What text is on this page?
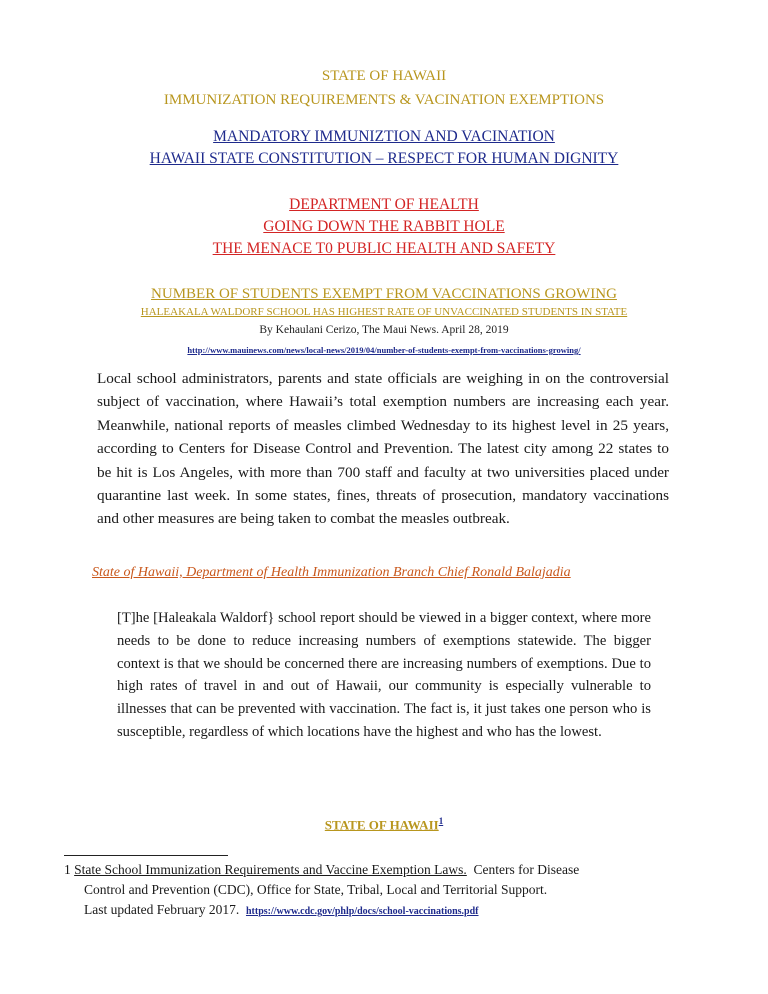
STATE OF HAWAII
IMMUNIZATION REQUIREMENTS & VACINATION EXEMPTIONS
MANDATORY IMMUNIZTION AND VACINATION
HAWAII STATE CONSTITUTION – RESPECT FOR HUMAN DIGNITY
DEPARTMENT OF HEALTH
GOING DOWN THE RABBIT HOLE
THE MENACE T0 PUBLIC HEALTH AND SAFETY
NUMBER OF STUDENTS EXEMPT FROM VACCINATIONS GROWING
HALEAKALA WALDORF SCHOOL HAS HIGHEST RATE OF UNVACCINATED STUDENTS IN STATE
By Kehaulani Cerizo, The Maui News. April 28, 2019
http://www.mauinews.com/news/local-news/2019/04/number-of-students-exempt-from-vaccinations-growing/
Local school administrators, parents and state officials are weighing in on the controversial subject of vaccination, where Hawaii’s total exemption numbers are increasing each year. Meanwhile, national reports of measles climbed Wednesday to its highest level in 25 years, according to Centers for Disease Control and Prevention. The latest city among 22 states to be hit is Los Angeles, with more than 700 staff and faculty at two universities placed under quarantine last week. In some states, fines, threats of prosecution, mandatory vaccinations and other measures are being taken to combat the measles outbreak.
State of Hawaii, Department of Health Immunization Branch Chief Ronald Balajadia
[T]he [Haleakala Waldorf} school report should be viewed in a bigger context, where more needs to be done to reduce increasing numbers of exemptions statewide. The bigger context is that we should be concerned there are increasing numbers of exemptions. Due to high rates of travel in and out of Hawaii, our community is especially vulnerable to illnesses that can be prevented with vaccination. The fact is, it just takes one person who is susceptible, regardless of which locations have the highest and who has the lowest.
STATE OF HAWAII$^1$
1 State School Immunization Requirements and Vaccine Exemption Laws. Centers for Disease
Control and Prevention (CDC), Office for State, Tribal, Local and Territorial Support.
Last updated February 2017. https://www.cdc.gov/phlp/docs/school-vaccinations.pdf
